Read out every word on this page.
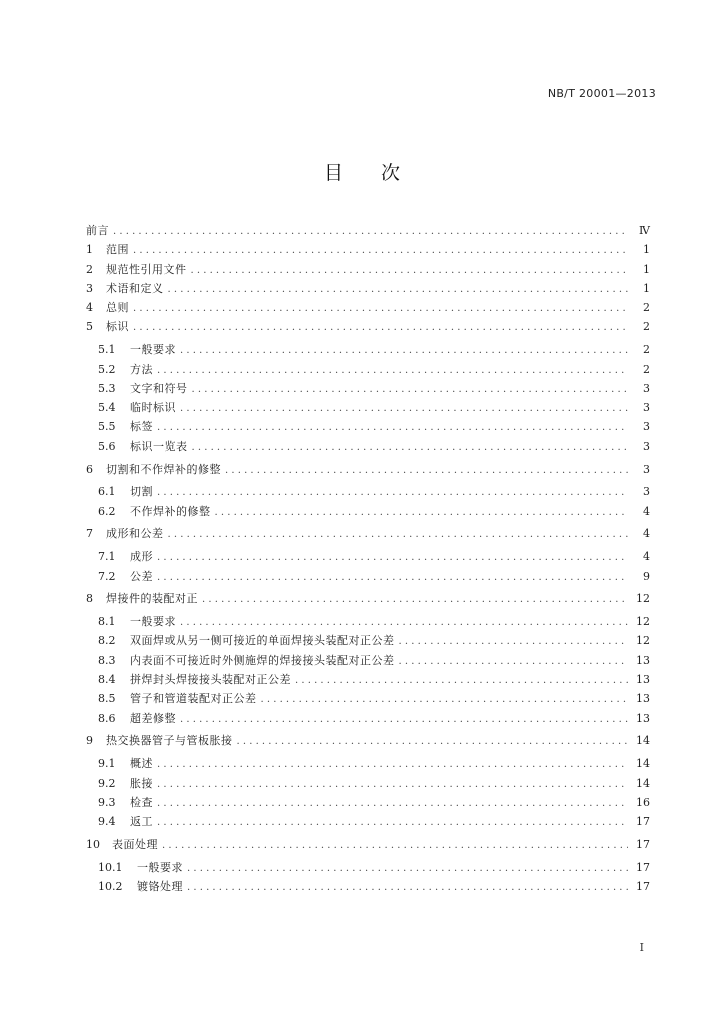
NB/T 20001—2013
目　　次
前言 . . .	Ⅳ
1	范围 . . .	1
2	规范性引用文件 . . .	1
3	术语和定义 . . .	1
4	总则 . . .	2
5	标识 . . .	2
5.1	一般要求 . . .	2
5.2	方法 . . .	2
5.3	文字和符号 . . .	3
5.4	临时标识 . . .	3
5.5	标签 . . .	3
5.6	标识一览表 . . .	3
6	切割和不作焊补的修整 . . .	3
6.1	切割 . . .	3
6.2	不作焊补的修整 . . .	4
7	成形和公差 . . .	4
7.1	成形 . . .	4
7.2	公差 . . .	9
8	焊接件的装配对正 . . .	12
8.1	一般要求 . . .	12
8.2	双面焊或从另一侧可接近的单面焊接头装配对正公差 . . .	12
8.3	内表面不可接近时外侧施焊的焊接接头装配对正公差 . . .	13
8.4	拼焊封头焊接接头装配对正公差 . . .	13
8.5	管子和管道装配对正公差 . . .	13
8.6	超差修整 . . .	13
9	热交换器管子与管板胀接 . . .	14
9.1	概述 . . .	14
9.2	胀接 . . .	14
9.3	检查 . . .	16
9.4	返工 . . .	17
10	表面处理 . . .	17
10.1	一般要求 . . .	17
10.2	镀铬处理 . . .	17
Ⅰ
